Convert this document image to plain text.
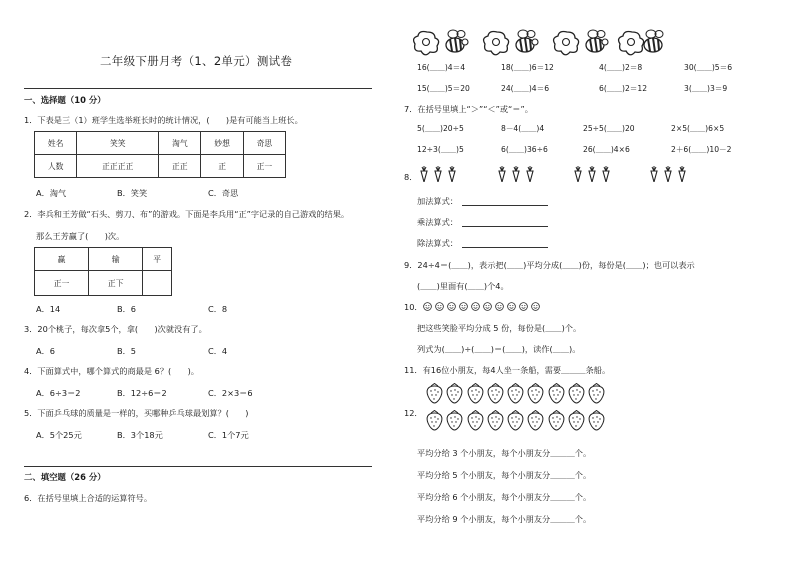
二年级下册月考（1、2单元）测试卷
一、选择题（10 分）
1．下表是三（1）班学生选举班长时的统计情况，(　　)是有可能当上班长。
姓名	笑笑	淘气	妙想	奇思
人数	正正正正	正正	正	正一
A．淘气	B．笑笑	C．奇思
2．李兵和王芳做“石头、剪刀、布”的游戏。下面是李兵用“正”字记录的自己游戏的结果。
那么王芳赢了(　　)次。
赢	输	平
正一	正下	
A．14	B．6	C．8
3．20个桃子，每次拿5个，拿(　　)次就没有了。
A．6	B．5	C．4
4．下面算式中，哪个算式的商最是 6？(　　)。
A．6÷3＝2	B．12÷6＝2	C．2×3＝6
5．下面乒乓球的质量是一样的，买哪种乒乓球最划算？(　　)
A．5个25元	B．3个18元	C．1个7元
二、填空题（26 分）
6．在括号里填上合适的运算符号。
16(＿＿)4＝4	18(＿＿)6＝12	4(＿＿)2＝8	30(＿＿)5＝6
15(＿＿)5＝20	24(＿＿)4＝6	6(＿＿)2＝12	3(＿＿)3＝9
7．在括号里填上“＞”“＜”或“＝”。
5(＿＿)20÷5	8－4(＿＿)4	25÷5(＿＿)20	2×5(＿＿)6×5
12÷3(＿＿)5	6(＿＿)36÷6	26(＿＿)4×6	2＋6(＿＿)10－2
8．
加法算式：
乘法算式：
除法算式：
9．24÷4＝(＿＿)，表示把(＿＿)平均分成(＿＿)份，每份是(＿＿)；也可以表示
(＿＿)里面有(＿＿)个4。
10．
把这些笑脸平均分成 5 份，每份是(＿＿)个。
列式为(＿＿)÷(＿＿)＝(＿＿)，读作(＿＿)。
11．有16位小朋友，每4人坐一条船，需要＿＿＿条船。
12．
平均分给 3 个小朋友，每个小朋友分＿＿＿个。
平均分给 5 个小朋友，每个小朋友分＿＿＿个。
平均分给 6 个小朋友，每个小朋友分＿＿＿个。
平均分给 9 个小朋友，每个小朋友分＿＿＿个。
